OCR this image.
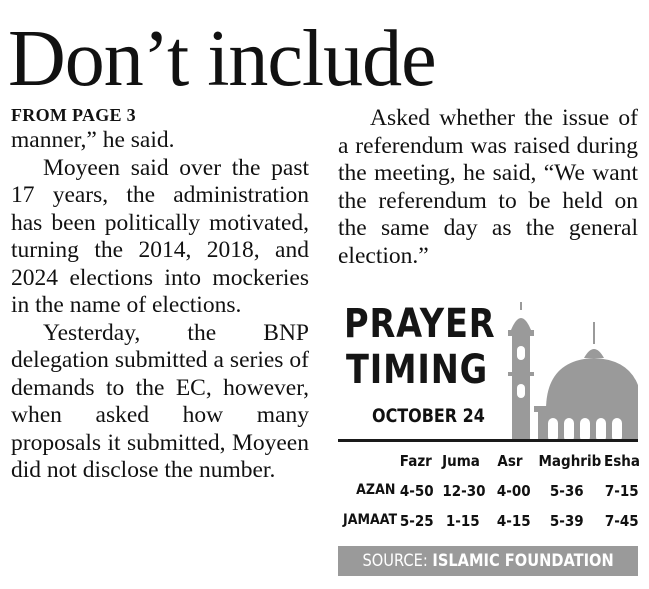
Don’t include
FROM PAGE 3
manner,” he said.
Moyeen said over the past 17 years, the administration has been politically motivated, turning the 2014, 2018, and 2024 elections into mockeries in the name of elections.
Yesterday, the BNP delegation submitted a series of demands to the EC, however, when asked how many proposals it submitted, Moyeen did not disclose the number.
Asked whether the issue of a referendum was raised during the meeting, he said, “We want the referendum to be held on the same day as the general election.”
PRAYER
TIMING
OCTOBER 24
Fazr Juma Asr Maghrib Esha
AZAN 4-50 12-30 4-00 5-36 7-15
JAMAAT 5-25 1-15 4-15 5-39 7-45
SOURCE: ISLAMIC FOUNDATION
